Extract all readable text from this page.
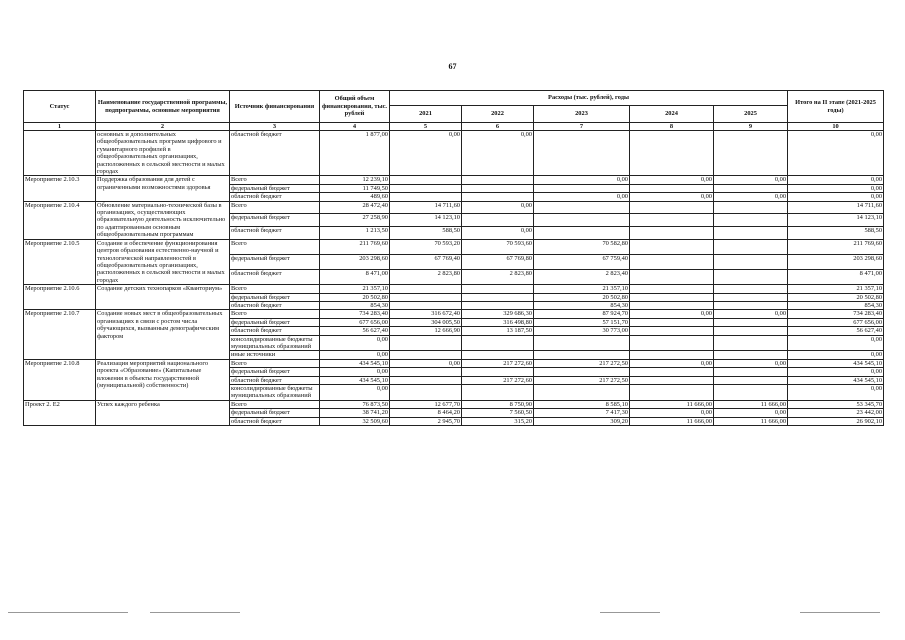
67
Статус	Наименование государственной программы, подпрограммы, основные мероприятия	Источник финансирования	Общий объем финансирования, тыс. рублей	Расходы (тыс. рублей), годы					Итого на II этапе (2021-2025 годы)
				2021	2022	2023	2024	2025	
1	2	3	4	5	6	7	8	9	10
	основных и дополнительных общеобразовательных программ цифрового и гуманитарного профилей в общеобразовательных организациях, расположенных в сельской местности и малых городах	областной бюджет	1 877,00	0,00	0,00				0,00
Мероприятие 2.10.3	Поддержка образования для детей с ограниченными возможностями здоровья	Всего	12 239,10			0,00	0,00	0,00	0,00
		федеральный бюджет	11 749,50						0,00
		областной бюджет	489,60			0,00	0,00	0,00	0,00
Мероприятие 2.10.4	Обновление материально-технической базы в организациях, осуществляющих образовательную деятельность исключительно по адаптированным основным общеобразовательным программам	Всего	28 472,40	14 711,60	0,00				14 711,60
		федеральный бюджет	27 258,90	14 123,10					14 123,10
		областной бюджет	1 213,50	588,50	0,00				588,50
Мероприятие 2.10.5	Создание и обеспечение функционирования центров образования естественно-научной и технологической направленностей в общеобразовательных организациях, расположенных в сельской местности и малых городах	Всего	211 769,60	70 593,20	70 593,60	70 582,80			211 769,60
		федеральный бюджет	203 298,60	67 769,40	67 769,80	67 759,40			203 298,60
		областной бюджет	8 471,00	2 823,80	2 823,80	2 823,40			8 471,00
Мероприятие 2.10.6	Создание детских технопарков «Кванториум»	Всего	21 357,10			21 357,10			21 357,10
		федеральный бюджет	20 502,80			20 502,80			20 502,80
		областной бюджет	854,30			854,30			854,30
Мероприятие 2.10.7	Создание новых мест в общеобразовательных организациях в связи с ростом числа обучающихся, вызванным демографическим фактором	Всего	734 283,40	316 672,40	329 686,30	87 924,70	0,00	0,00	734 283,40
		федеральный бюджет	677 656,00	304 005,50	316 498,80	57 151,70			677 656,00
		областной бюджет	56 627,40	12 666,90	13 187,50	30 773,00			56 627,40
		консолидированные бюджеты муниципальных образований	0,00						0,00
		иные источники	0,00						0,00
Мероприятие 2.10.8	Реализация мероприятий национального проекта «Образование» (Капитальные вложения в объекты государственной (муниципальной) собственности)	Всего	434 545,10	0,00	217 272,60	217 272,50	0,00	0,00	434 545,10
		федеральный бюджет	0,00						0,00
		областной бюджет	434 545,10		217 272,60	217 272,50			434 545,10
		консолидированные бюджеты муниципальных образований	0,00						0,00
Проект 2. Е2	Успех каждого ребенка	Всего	76 873,50	12 677,70	8 750,90	8 585,10	11 666,00	11 666,00	53 345,70
		федеральный бюджет	38 741,20	8 464,20	7 560,50	7 417,30	0,00	0,00	23 442,00
		областной бюджет	32 509,60	2 945,70	315,20	309,20	11 666,00	11 666,00	26 902,10
